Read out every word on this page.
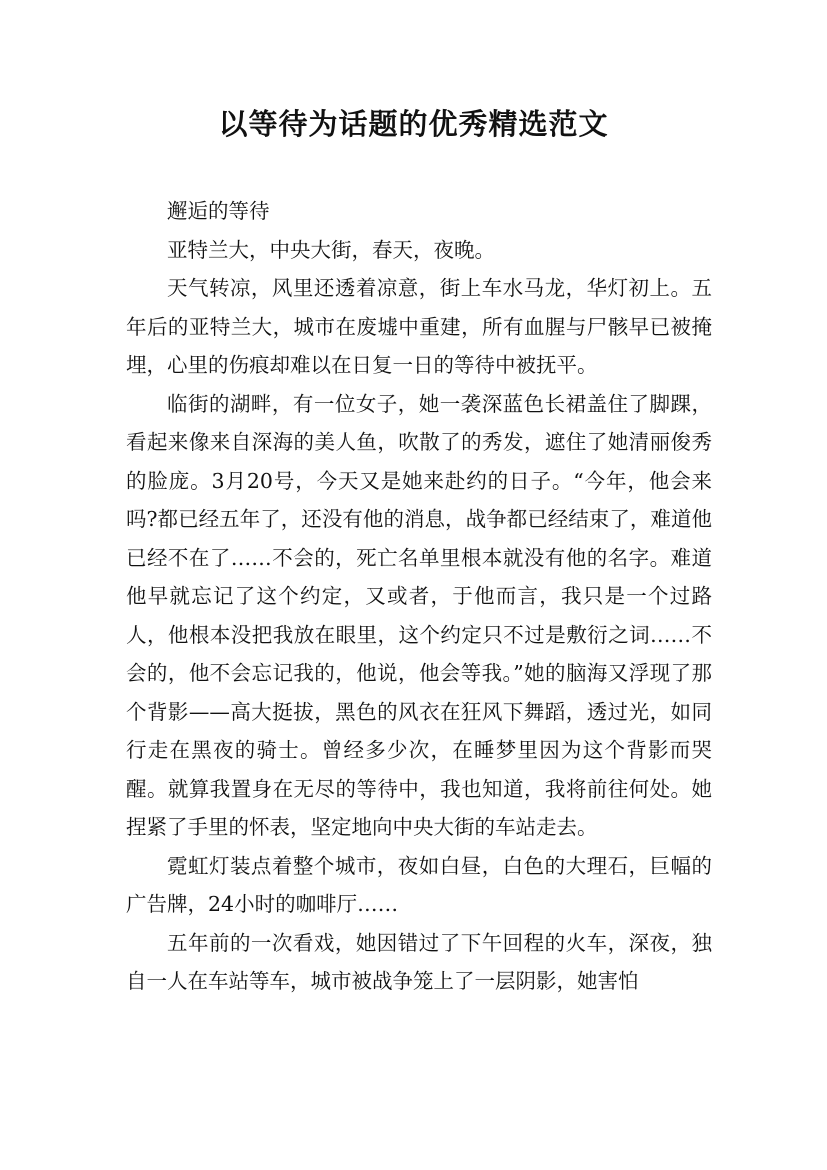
以等待为话题的优秀精选范文

邂逅的等待

亚特兰大，中央大街，春天，夜晚。

天气转凉，风里还透着凉意，街上车水马龙，华灯初上。五年后的亚特兰大，城市在废墟中重建，所有血腥与尸骸早已被掩埋，心里的伤痕却难以在日复一日的等待中被抚平。

临街的湖畔，有一位女子，她一袭深蓝色长裙盖住了脚踝，看起来像来自深海的美人鱼，吹散了的秀发，遮住了她清丽俊秀的脸庞。3月20号，今天又是她来赴约的日子。“今年，他会来吗?都已经五年了，还没有他的消息，战争都已经结束了，难道他已经不在了……不会的，死亡名单里根本就没有他的名字。难道他早就忘记了这个约定，又或者，于他而言，我只是一个过路人，他根本没把我放在眼里，这个约定只不过是敷衍之词……不会的，他不会忘记我的，他说，他会等我。”她的脑海又浮现了那个背影——高大挺拔，黑色的风衣在狂风下舞蹈，透过光，如同行走在黑夜的骑士。曾经多少次，在睡梦里因为这个背影而哭醒。就算我置身在无尽的等待中，我也知道，我将前往何处。她捏紧了手里的怀表，坚定地向中央大街的车站走去。

霓虹灯装点着整个城市，夜如白昼，白色的大理石，巨幅的广告牌，24小时的咖啡厅……

五年前的一次看戏，她因错过了下午回程的火车，深夜，独自一人在车站等车，城市被战争笼上了一层阴影，她害怕
